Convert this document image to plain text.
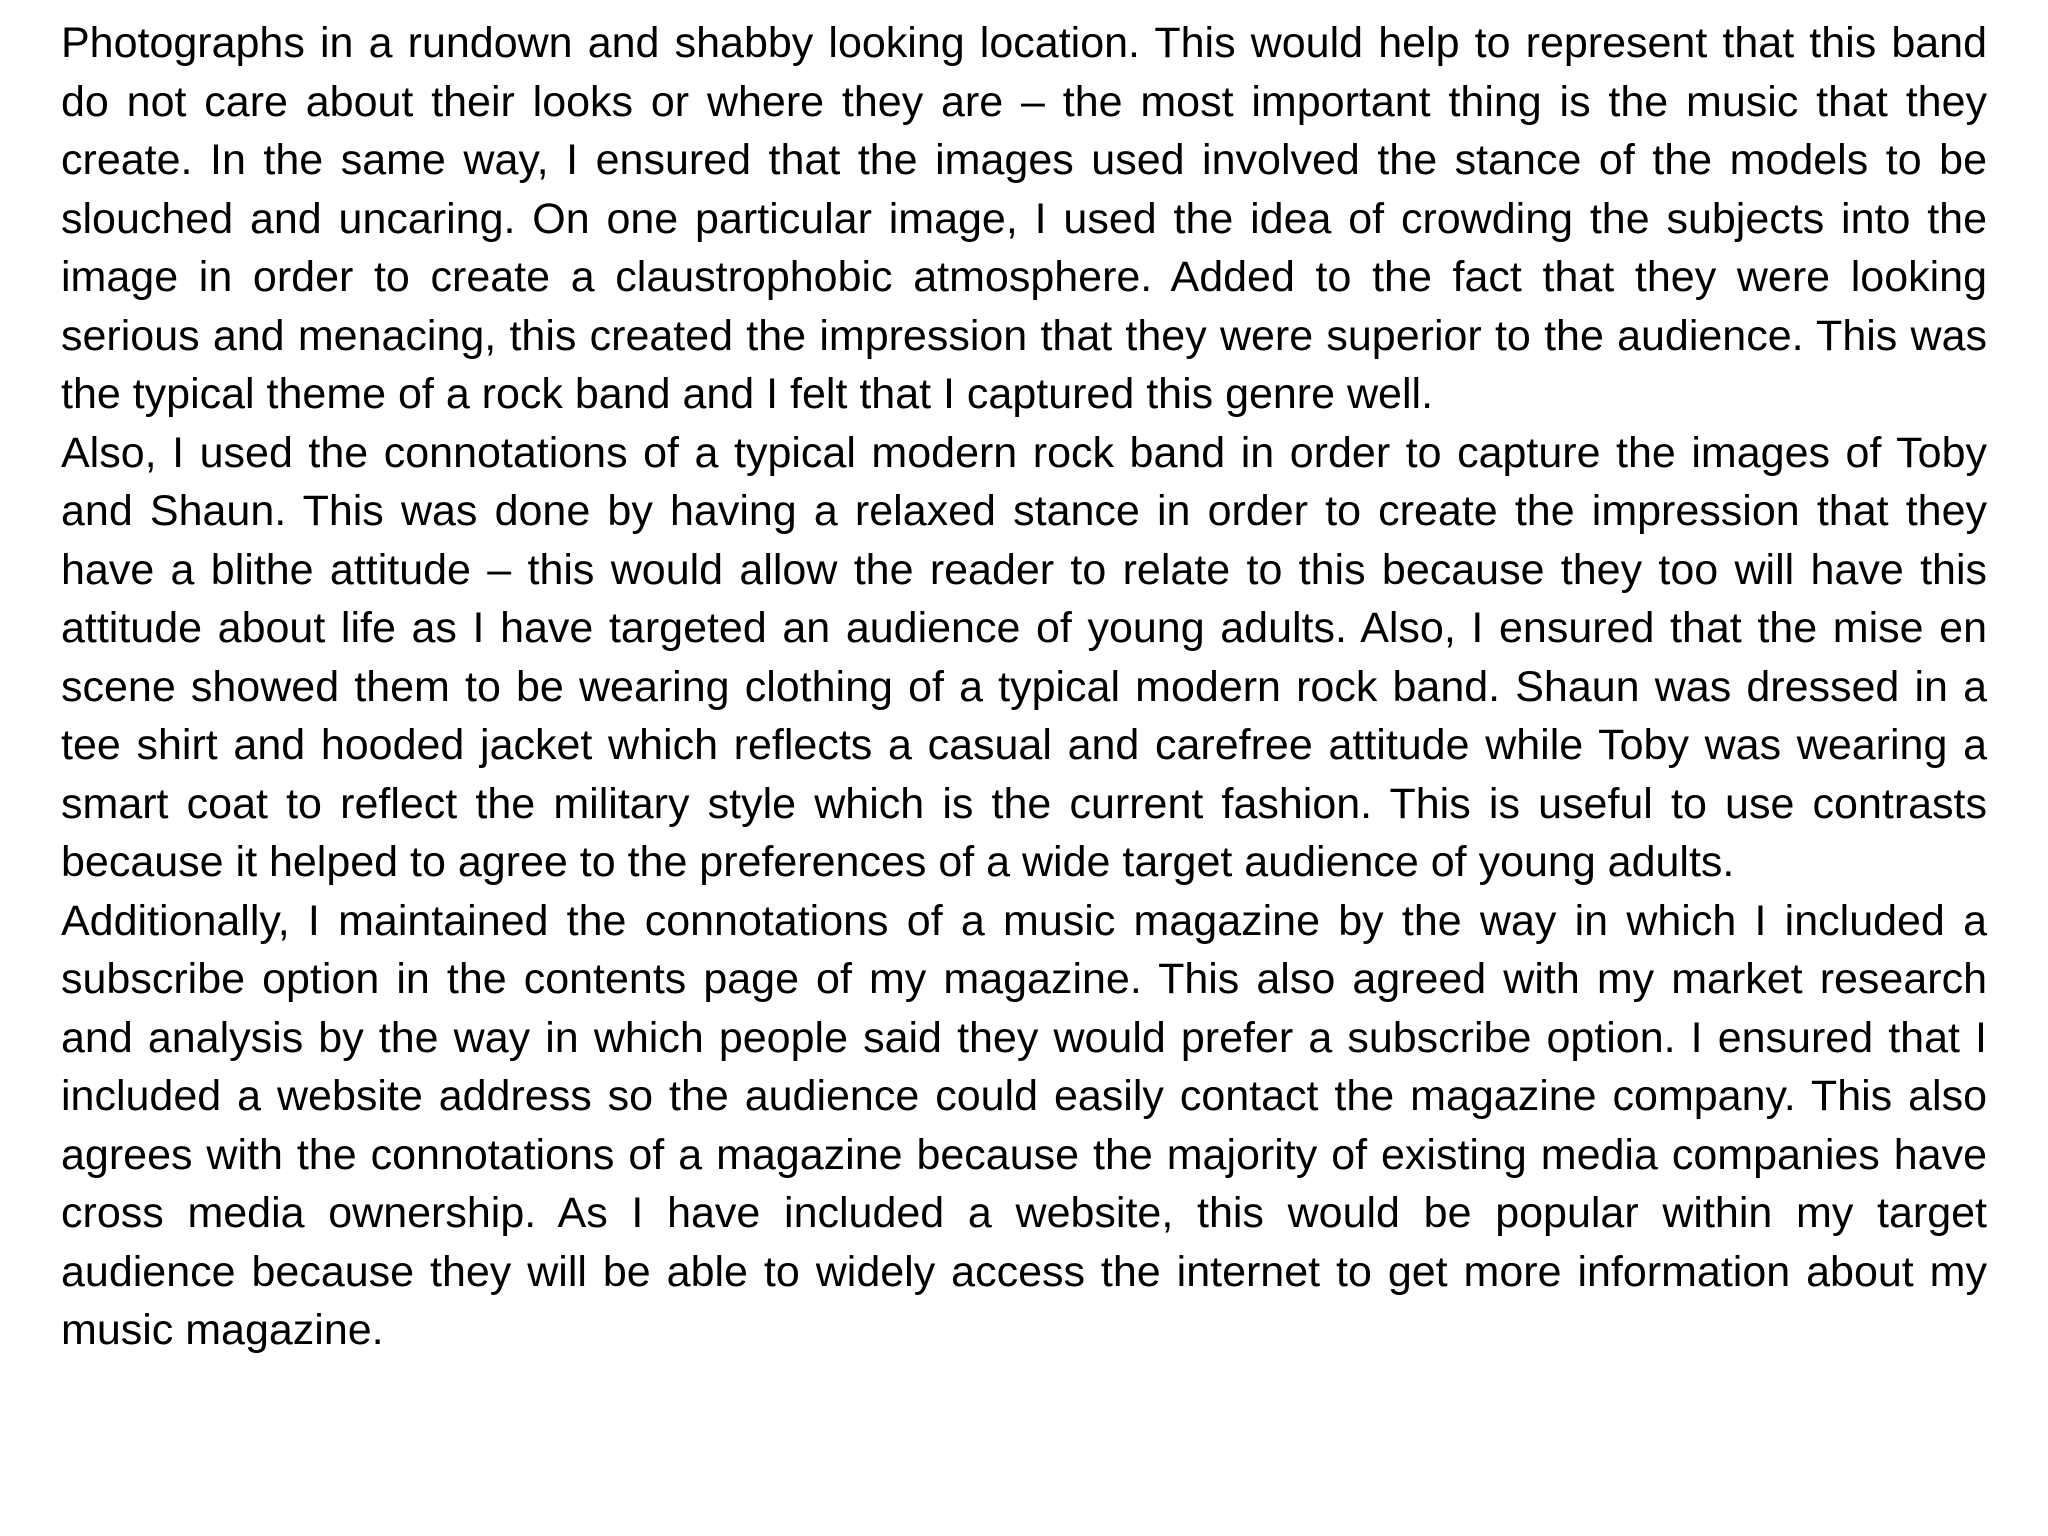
Photographs in a rundown and shabby looking location. This would help to represent that this band do not care about their looks or where they are – the most important thing is the music that they create. In the same way, I ensured that the images used involved the stance of the models to be slouched and uncaring. On one particular image, I used the idea of crowding the subjects into the image in order to create a claustrophobic atmosphere. Added to the fact that they were looking serious and menacing, this created the impression that they were superior to the audience. This was the typical theme of a rock band and I felt that I captured this genre well.

Also, I used the connotations of a typical modern rock band in order to capture the images of Toby and Shaun. This was done by having a relaxed stance in order to create the impression that they have a blithe attitude – this would allow the reader to relate to this because they too will have this attitude about life as I have targeted an audience of young adults. Also, I ensured that the mise en scene showed them to be wearing clothing of a typical modern rock band. Shaun was dressed in a tee shirt and hooded jacket which reflects a casual and carefree attitude while Toby was wearing a smart coat to reflect the military style which is the current fashion. This is useful to use contrasts because it helped to agree to the preferences of a wide target audience of young adults.

Additionally, I maintained the connotations of a music magazine by the way in which I included a subscribe option in the contents page of my magazine. This also agreed with my market research and analysis by the way in which people said they would prefer a subscribe option. I ensured that I included a website address so the audience could easily contact the magazine company. This also agrees with the connotations of a magazine because the majority of existing media companies have cross media ownership. As I have included a website, this would be popular within my target audience because they will be able to widely access the internet to get more information about my music magazine.
